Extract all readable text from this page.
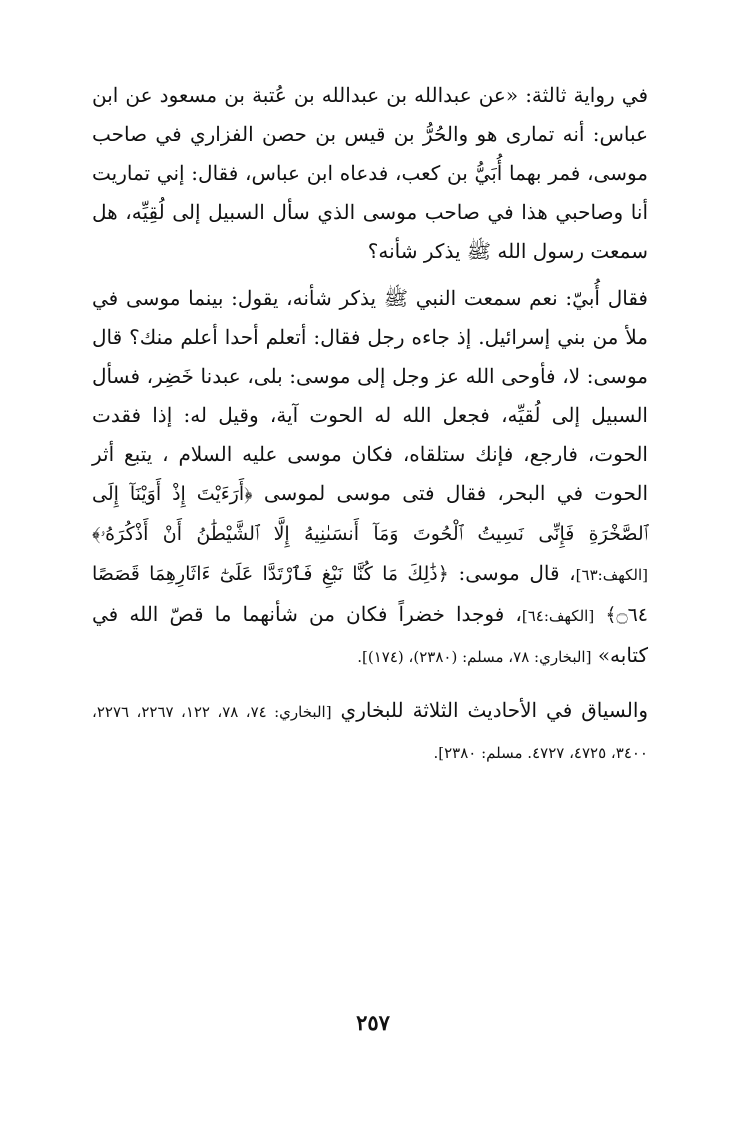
في رواية ثالثة: «عن عبدالله بن عبدالله بن عُتبة بن مسعود عن ابن عباس: أنه تمارى هو والحُرُّ بن قيس بن حصن الفزاري في صاحب موسى، فمر بهما أُبَيُّ بن كعب، فدعاه ابن عباس، فقال: إني تماريت أنا وصاحبي هذا في صاحب موسى الذي سأل السبيل إلى لُقِيِّه، هل سمعت رسول الله ﷺ يذكر شأنه؟

فقال أُبيّ: نعم سمعت النبي ﷺ يذكر شأنه، يقول: بينما موسى في ملأ من بني إسرائيل. إذ جاءه رجل فقال: أتعلم أحدا أعلم منك؟ قال موسى: لا، فأوحى الله عز وجل إلى موسى: بلى، عبدنا خَضِر، فسأل السبيل إلى لُقيِّه، فجعل الله له الحوت آية، وقيل له: إذا فقدت الحوت، فارجع، فإنك ستلقاه، فكان موسى عليه السلام ، يتبع أثر الحوت في البحر، فقال فتى موسى لموسى ﴿أَرَءَيْتَ إِذْ أَوَيْنَآ إِلَى ٱلصَّخْرَةِ فَإِنِّى نَسِيتُ ٱلْحُوتَ وَمَآ أَنسَىٰنِيهُ إِلَّا ٱلشَّيْطَٰنُ أَنْ أَذْكُرَهُۥ﴾ [الكهف:٦٣]، قال موسى: ﴿ذَٰلِكَ مَا كُنَّا نَبْغِ فَٱرْتَدَّا عَلَىٰٓ ءَاثَارِهِمَا قَصَصًا ۝٦٤﴾ [الكهف:٦٤]، فوجدا خضراً فكان من شأنهما ما قصّ الله في كتابه» [البخاري: ٧٨، مسلم: (٢٣٨٠)، (١٧٤)].

والسياق في الأحاديث الثلاثة للبخاري [البخاري: ٧٤، ٧٨، ١٢٢، ٢٢٦٧، ٢٢٧٦، ٣٤٠٠، ٤٧٢٥، ٤٧٢٧. مسلم: ٢٣٨٠].

٢٥٧
